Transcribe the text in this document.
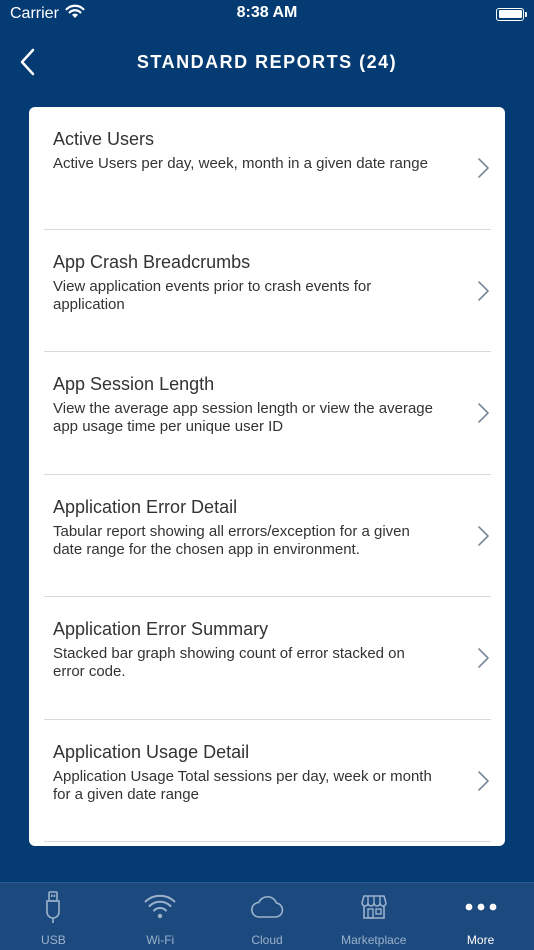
Carrier	8:38 AM
STANDARD REPORTS (24)
Active Users
Active Users per day, week, month in a given date range
App Crash Breadcrumbs
View application events prior to crash events for application
App Session Length
View the average app session length or view the average app usage time per unique user ID
Application Error Detail
Tabular report showing all errors/exception for a given date range for the chosen app in environment.
Application Error Summary
Stacked bar graph showing count of error stacked on error code.
Application Usage Detail
Application Usage Total sessions per day, week or month for a given date range
USB	Wi-Fi	Cloud	Marketplace	More
